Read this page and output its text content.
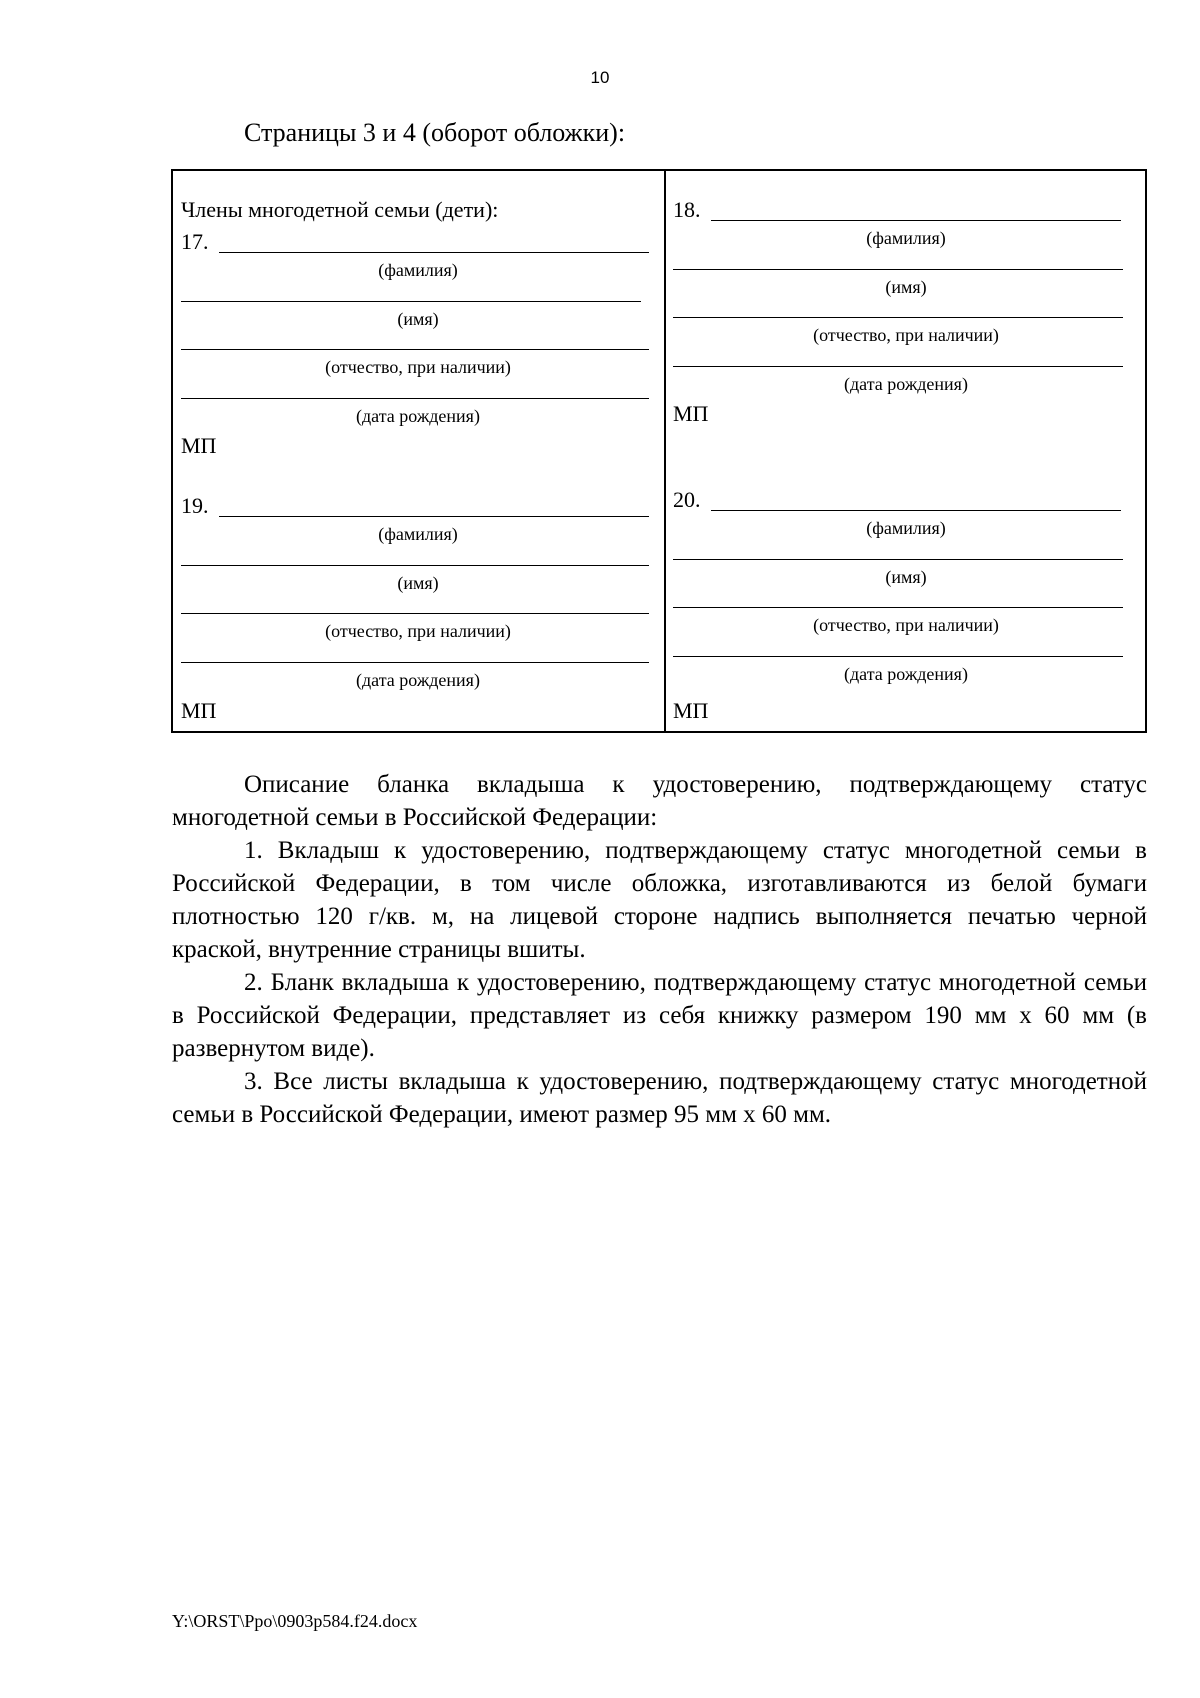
10
Страницы 3 и 4 (оборот обложки):
Члены многодетной семьи (дети):
17.
(фамилия)
(имя)
(отчество, при наличии)
(дата рождения)
МП
19.
(фамилия)
(имя)
(отчество, при наличии)
(дата рождения)
МП
18.
(фамилия)
(имя)
(отчество, при наличии)
(дата рождения)
МП
20.
(фамилия)
(имя)
(отчество, при наличии)
(дата рождения)
МП

Описание бланка вкладыша к удостоверению, подтверждающему статус многодетной семьи в Российской Федерации:

1. Вкладыш к удостоверению, подтверждающему статус многодетной семьи в Российской Федерации, в том числе обложка, изготавливаются из белой бумаги плотностью 120 г/кв. м, на лицевой стороне надпись выполняется печатью черной краской, внутренние страницы вшиты.

2. Бланк вкладыша к удостоверению, подтверждающему статус многодетной семьи в Российской Федерации, представляет из себя книжку размером 190 мм х 60 мм (в развернутом виде).

3. Все листы вкладыша к удостоверению, подтверждающему статус многодетной семьи в Российской Федерации, имеют размер 95 мм х 60 мм.

Y:\ORST\Ppo\0903p584.f24.docx
